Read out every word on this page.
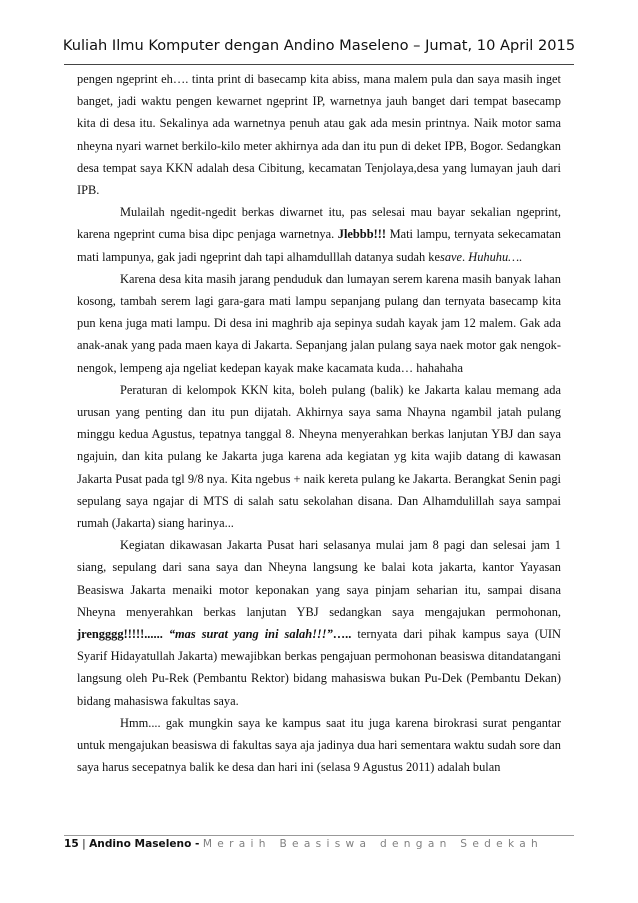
Kuliah Ilmu Komputer dengan Andino Maseleno – Jumat, 10 April 2015

pengen ngeprint eh…. tinta print di basecamp kita abiss, mana malem pula dan saya masih inget banget, jadi waktu pengen kewarnet ngeprint IP, warnetnya jauh banget dari tempat basecamp kita di desa itu. Sekalinya ada warnetnya penuh atau gak ada mesin printnya. Naik motor sama nheyna nyari warnet berkilo-kilo meter akhirnya ada dan itu pun di deket IPB, Bogor. Sedangkan desa tempat saya KKN adalah desa Cibitung, kecamatan Tenjolaya,desa yang lumayan jauh dari IPB.

Mulailah ngedit-ngedit berkas diwarnet itu, pas selesai mau bayar sekalian ngeprint, karena ngeprint cuma bisa dipc penjaga warnetnya. Jlebbb!!! Mati lampu, ternyata sekecamatan mati lampunya, gak jadi ngeprint dah tapi alhamdulllah datanya sudah kesave. Huhuhu….

Karena desa kita masih jarang penduduk dan lumayan serem karena masih banyak lahan kosong, tambah serem lagi gara-gara mati lampu sepanjang pulang dan ternyata basecamp kita pun kena juga mati lampu. Di desa ini maghrib aja sepinya sudah kayak jam 12 malem. Gak ada anak-anak yang pada maen kaya di Jakarta. Sepanjang jalan pulang saya naek motor gak nengok-nengok, lempeng aja ngeliat kedepan kayak make kacamata kuda… hahahaha

Peraturan di kelompok KKN kita, boleh pulang (balik) ke Jakarta kalau memang ada urusan yang penting dan itu pun dijatah. Akhirnya saya sama Nhayna ngambil jatah pulang minggu kedua Agustus, tepatnya tanggal 8. Nheyna menyerahkan berkas lanjutan YBJ dan saya ngajuin, dan kita pulang ke Jakarta juga karena ada kegiatan yg kita wajib datang di kawasan Jakarta Pusat pada tgl 9/8 nya. Kita ngebus + naik kereta pulang ke Jakarta. Berangkat Senin pagi sepulang saya ngajar di MTS di salah satu sekolahan disana. Dan Alhamdulillah saya sampai rumah (Jakarta) siang harinya...

Kegiatan dikawasan Jakarta Pusat hari selasanya mulai jam 8 pagi dan selesai jam 1 siang, sepulang dari sana saya dan Nheyna langsung ke balai kota jakarta, kantor Yayasan Beasiswa Jakarta menaiki motor keponakan yang saya pinjam seharian itu, sampai disana Nheyna menyerahkan berkas lanjutan YBJ sedangkan saya mengajukan permohonan, jrengggg!!!!!...... “mas surat yang ini salah!!!”….. ternyata dari pihak kampus saya (UIN Syarif Hidayatullah Jakarta) mewajibkan berkas pengajuan permohonan beasiswa ditandatangani langsung oleh Pu-Rek (Pembantu Rektor) bidang mahasiswa bukan Pu-Dek (Pembantu Dekan) bidang mahasiswa fakultas saya.

Hmm.... gak mungkin saya ke kampus saat itu juga karena birokrasi surat pengantar untuk mengajukan beasiswa di fakultas saya aja jadinya dua hari sementara waktu sudah sore dan saya harus secepatnya balik ke desa dan hari ini (selasa 9 Agustus 2011) adalah bulan

15 | Andino Maseleno - Meraih Beasiswa dengan Sedekah
